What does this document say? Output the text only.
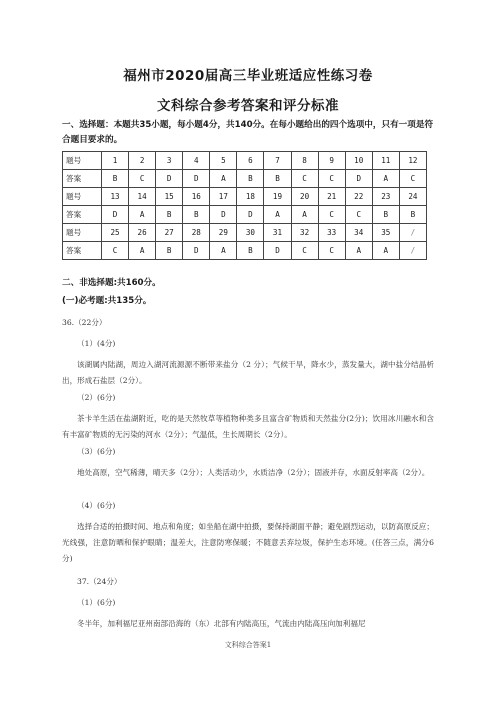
福州市2020届高三毕业班适应性练习卷
文科综合参考答案和评分标准
一、选择题：本题共35小题，每小题4分，共140分。在每小题给出的四个选项中，只有一项是符合题目要求的。
题号	1	2	3	4	5	6	7	8	9	10	11	12
答案	B	C	D	D	A	B	B	C	C	D	A	C
题号	13	14	15	16	17	18	19	20	21	22	23	24
答案	D	A	B	B	D	D	A	A	C	C	B	B
题号	25	26	27	28	29	30	31	32	33	34	35	/
答案	C	A	B	D	A	B	D	C	C	A	A	/
二、非选择题:共160分。
(一)必考题:共135分。
36.（22分）
（1）(4分)
该湖属内陆湖，周边入湖河流源源不断带来盐分（2 分）；气候干旱，降水少，蒸发量大，湖中盐分结晶析出，形成石盐层（2分）。
（2）(6分)
茶卡羊生活在盐湖附近，吃的是天然牧草等植物种类多且富含矿物质和天然盐分(2分)；饮用冰川融水和含有丰富矿物质的无污染的河水（2分）；气温低，生长周期长（2分）。
（3）(6分)
地处高原，空气稀薄，晴天多（2分）；人类活动少，水质洁净（2分）；固液并存，水面反射率高（2分）。
（4）(6分)
选择合适的拍摄时间、地点和角度；如坐船在湖中拍摄，要保持湖面平静；避免剧烈运动，以防高原反应；光线强，注意防晒和保护眼睛；温差大，注意防寒保暖；不随意丢弃垃圾，保护生态环境。(任答三点，满分6分)
37.（24分）
（1）(6分)
冬半年，加利福尼亚州南部沿海的（东）北部有内陆高压，气流由内陆高压向加利福尼
文科综合答案1
